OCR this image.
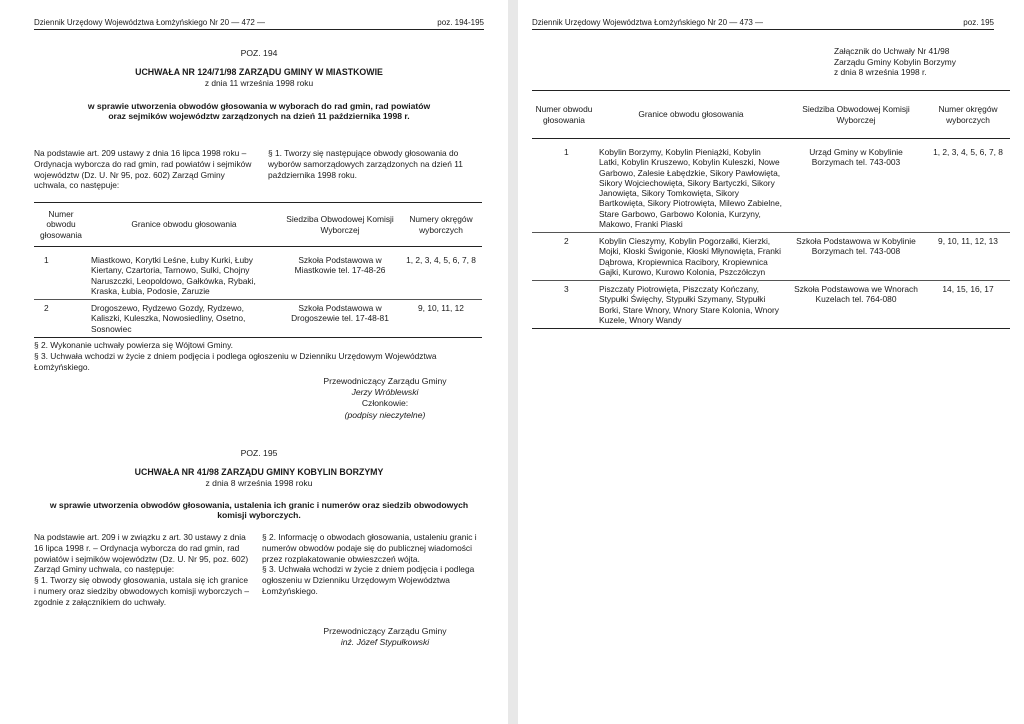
Dziennik Urzędowy Województwa Łomżyńskiego Nr 20 — 472 —	poz. 194-195
POZ. 194
UCHWAŁA NR 124/71/98 ZARZĄDU GMINY W MIASTKOWIE
z dnia 11 września 1998 roku
w sprawie utworzenia obwodów głosowania w wyborach do rad gmin, rad powiatów
oraz sejmików województw zarządzonych na dzień 11 października 1998 r.
Na podstawie art. 209 ustawy z dnia 16 lipca 1998 roku – Ordynacja wyborcza do rad gmin, rad powiatów i sejmików województw (Dz. U. Nr 95, poz. 602) Zarząd Gminy uchwala, co następuje:
§ 1. Tworzy się następujące obwody głosowania do wyborów samorządowych zarządzonych na dzień 11 października 1998 roku.
Numer obwodu głosowania	Granice obwodu głosowania	Siedziba Obwodowej Komisji Wyborczej	Numery okręgów wyborczych
1	Miastkowo, Korytki Leśne, Łuby Kurki, Łuby Kiertany, Czartoria, Tarnowo, Sulki, Chojny Naruszczki, Leopoldowo, Gałkówka, Rybaki, Kraska, Łubia, Podosie, Zaruzie	Szkoła Podstawowa w Miastkowie tel. 17-48-26	1, 2, 3, 4, 5, 6, 7, 8
2	Drogoszewo, Rydzewo Gozdy, Rydzewo, Kaliszki, Kuleszka, Nowosiedliny, Osetno, Sosnowiec	Szkoła Podstawowa w Drogoszewie tel. 17-48-81	9, 10, 11, 12
§ 2. Wykonanie uchwały powierza się Wójtowi Gminy.
§ 3. Uchwała wchodzi w życie z dniem podjęcia i podlega ogłoszeniu w Dzienniku Urzędowym Województwa Łomżyńskiego.
Przewodniczący Zarządu Gminy
Jerzy Wróblewski
Członkowie:
(podpisy nieczytelne)
POZ. 195
UCHWAŁA NR 41/98 ZARZĄDU GMINY KOBYLIN BORZYMY
z dnia 8 września 1998 roku
w sprawie utworzenia obwodów głosowania, ustalenia ich granic i numerów oraz siedzib obwodowych
komisji wyborczych.
Na podstawie art. 209 i w związku z art. 30 ustawy z dnia 16 lipca 1998 r. – Ordynacja wyborcza do rad gmin, rad powiatów i sejmików województw (Dz. U. Nr 95, poz. 602) Zarząd Gminy uchwala, co następuje:
§ 1. Tworzy się obwody głosowania, ustala się ich granice i numery oraz siedziby obwodowych komisji wyborczych – zgodnie z załącznikiem do uchwały.
§ 2. Informację o obwodach głosowania, ustaleniu granic i numerów obwodów podaje się do publicznej wiadomości przez rozplakatowanie obwieszczeń wójta.
§ 3. Uchwała wchodzi w życie z dniem podjęcia i podlega ogłoszeniu w Dzienniku Urzędowym Województwa Łomżyńskiego.
Przewodniczący Zarządu Gminy
inż. Józef Stypułkowski
Dziennik Urzędowy Województwa Łomżyńskiego Nr 20 — 473 —	poz. 195
Załącznik do Uchwały Nr 41/98
Zarządu Gminy Kobylin Borzymy
z dnia 8 września 1998 r.
Numer obwodu głosowania	Granice obwodu głosowania	Siedziba Obwodowej Komisji Wyborczej	Numer okręgów wyborczych
1	Kobylin Borzymy, Kobylin Pieniążki, Kobylin Latki, Kobylin Kruszewo, Kobylin Kuleszki, Nowe Garbowo, Zalesie Łabędzkie, Sikory Pawłowięta, Sikory Wojciechowięta, Sikory Bartyczki, Sikory Janowięta, Sikory Tomkowięta, Sikory Bartkowięta, Sikory Piotrowięta, Milewo Zabielne, Stare Garbowo, Garbowo Kolonia, Kurzyny, Makowo, Franki Piaski	Urząd Gminy w Kobylinie Borzymach tel. 743-003	1, 2, 3, 4, 5, 6, 7, 8
2	Kobylin Cieszymy, Kobylin Pogorzałki, Kierzki, Mojki, Kłoski Świgonie, Kłoski Młynowięta, Franki Dąbrowa, Kropiewnica Racibory, Kropiewnica Gajki, Kurowo, Kurowo Kolonia, Pszczółczyn	Szkoła Podstawowa w Kobylinie Borzymach tel. 743-008	9, 10, 11, 12, 13
3	Piszczaty Piotrowięta, Piszczaty Kończany, Stypułki Święchy, Stypułki Szymany, Stypułki Borki, Stare Wnory, Wnory Stare Kolonia, Wnory Kuzele, Wnory Wandy	Szkoła Podstawowa we Wnorach Kuzelach tel. 764-080	14, 15, 16, 17
